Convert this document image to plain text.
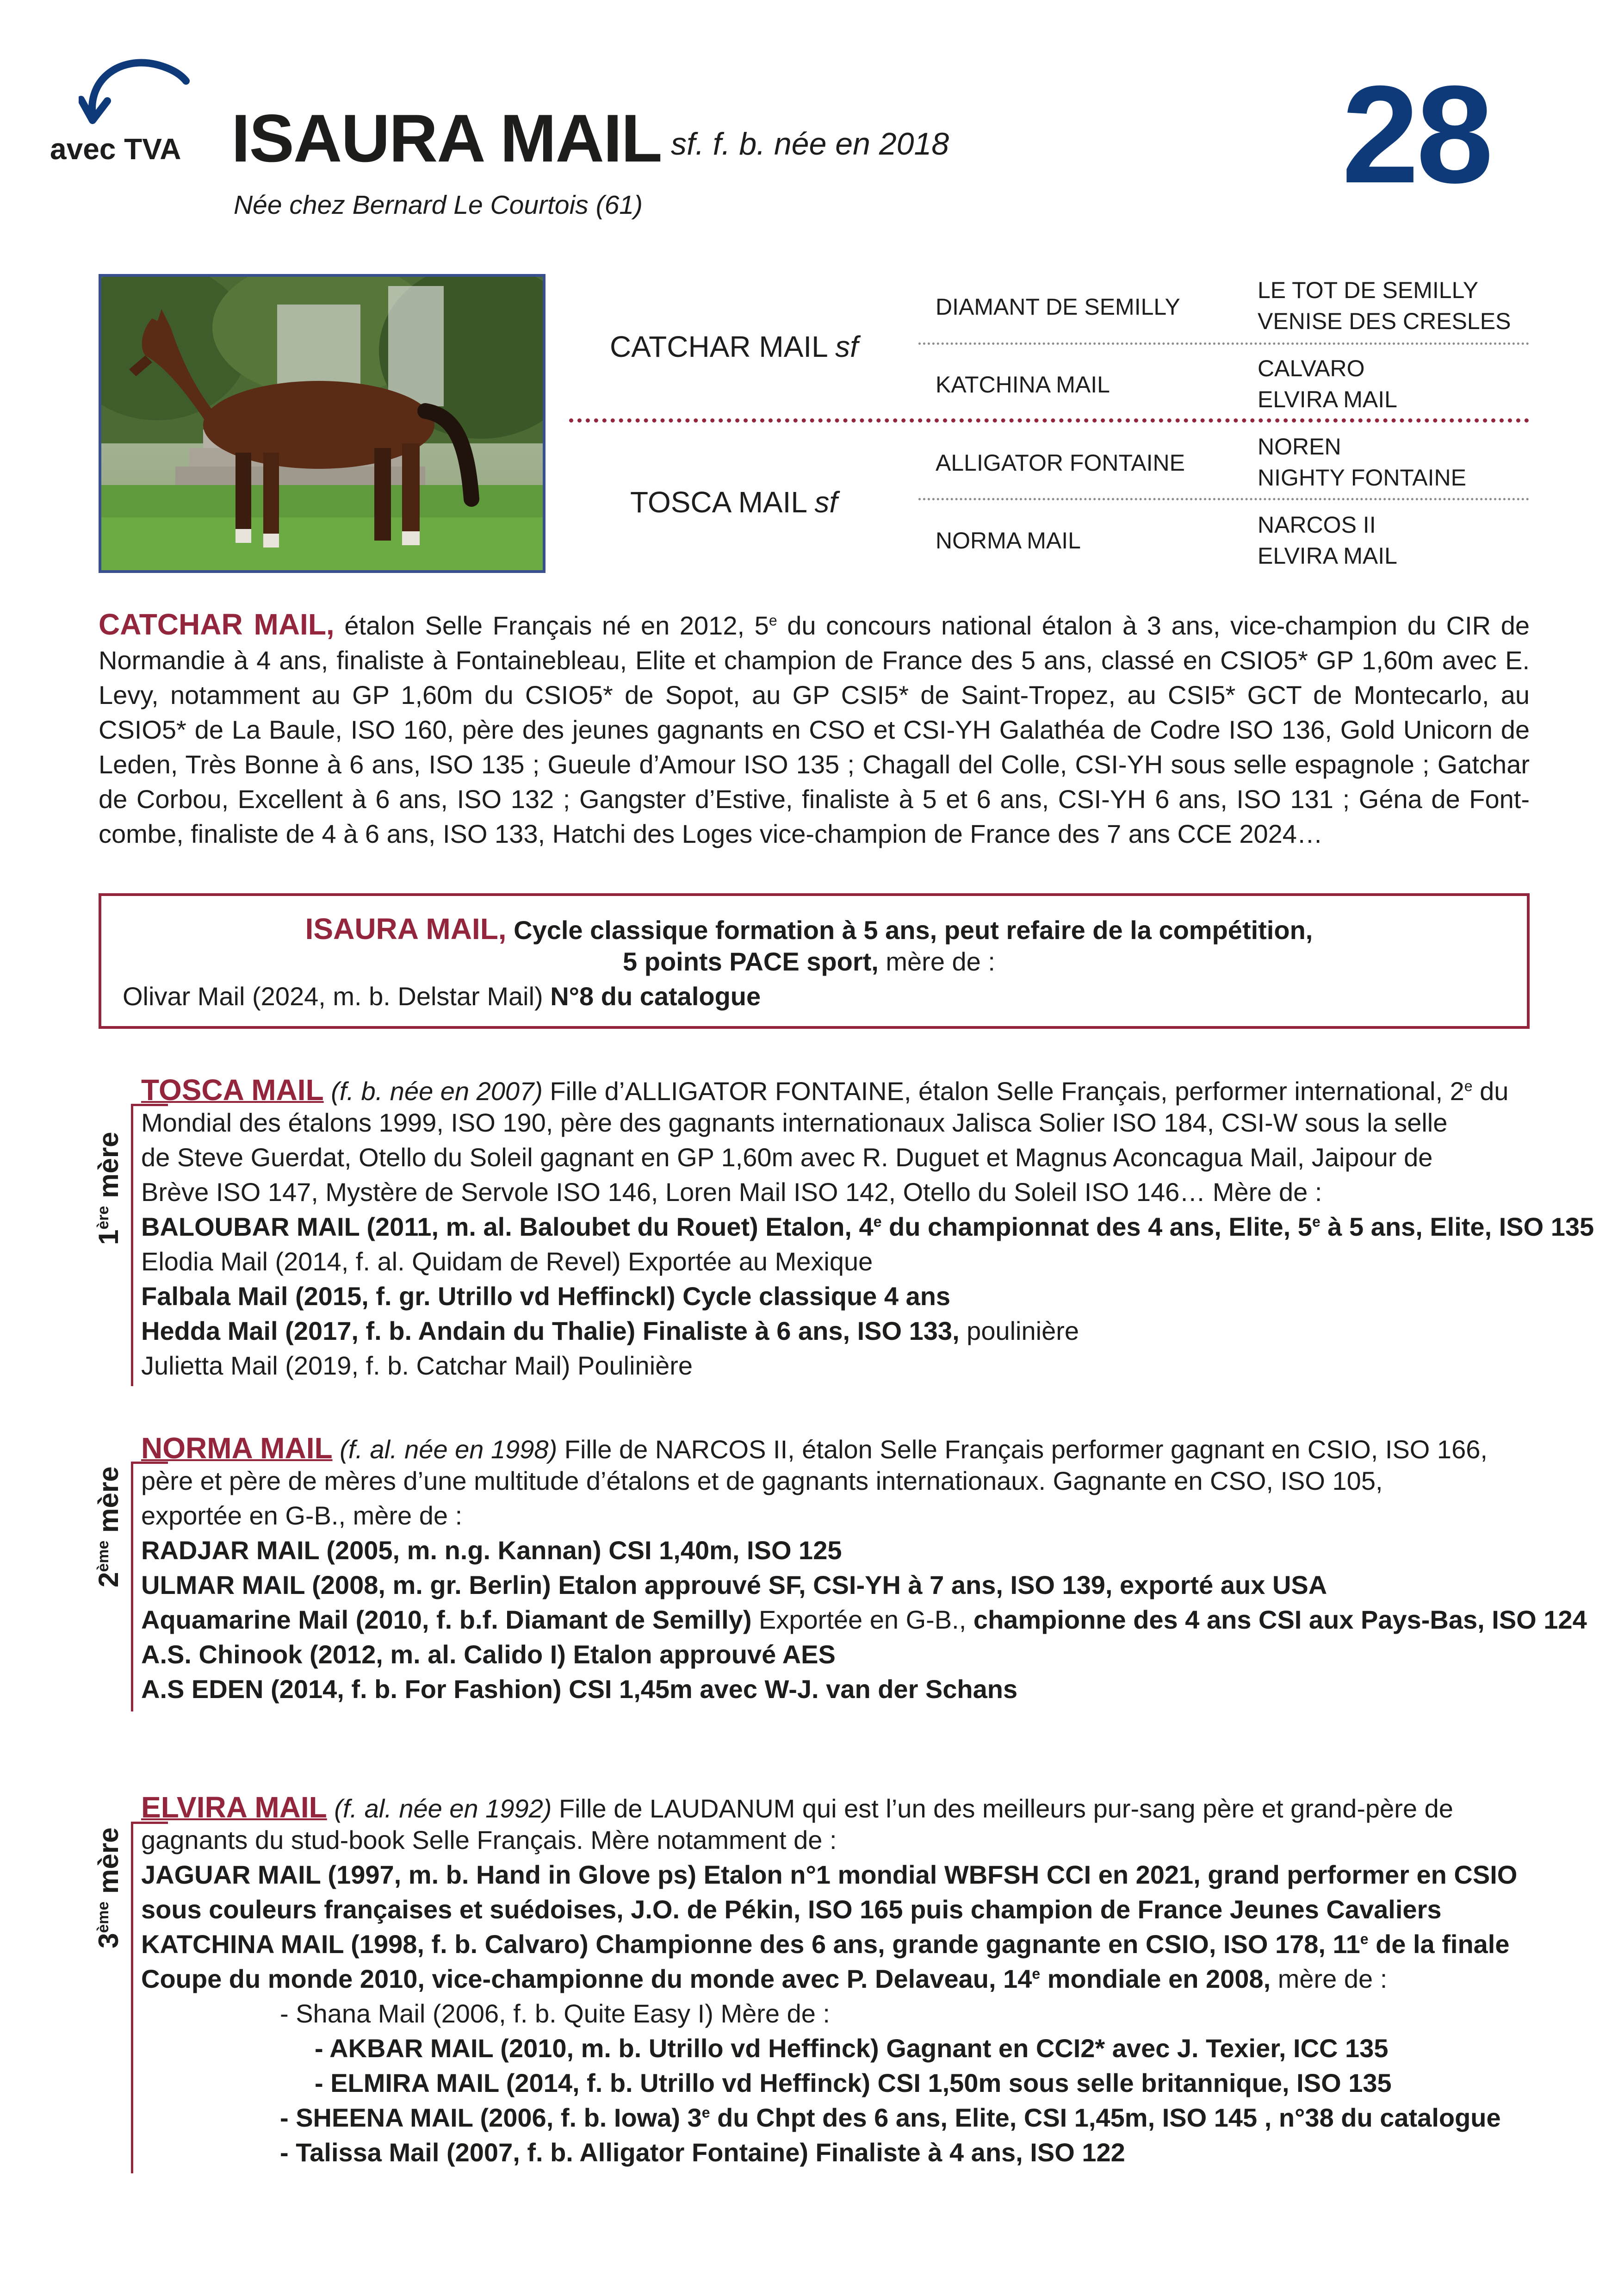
avec TVA ISAURA MAIL sf. f. b. née en 2018
Née chez Bernard Le Courtois (61)	28
CATCHAR MAIL sf
TOSCA MAIL sf
DIAMANT DE SEMILLY
KATCHINA MAIL
ALLIGATOR FONTAINE
NORMA MAIL
LE TOT DE SEMILLY
VENISE DES CRESLES
CALVARO
ELVIRA MAIL
NOREN
NIGHTY FONTAINE
NARCOS II
ELVIRA MAIL
CATCHAR MAIL, étalon Selle Français né en 2012, 5e du concours national étalon à 3 ans, vice-champion du CIR de Normandie à 4 ans, finaliste à Fontainebleau, Elite et champion de France des 5 ans, classé en CSIO5* GP 1,60m avec E. Levy, notamment au GP 1,60m du CSIO5* de Sopot, au GP CSI5* de Saint-Tropez, au CSI5* GCT de Montecarlo, au CSIO5* de La Baule, ISO 160, père des jeunes gagnants en CSO et CSI-YH Galathéa de Codre ISO 136, Gold Unicorn de Leden, Très Bonne à 6 ans, ISO 135 ; Gueule d’Amour ISO 135 ; Chagall del Colle, CSI-YH sous selle espagnole ; Gatchar de Corbou, Excellent à 6 ans, ISO 132 ; Gangster d’Estive, finaliste à 5 et 6 ans, CSI-YH 6 ans, ISO 131 ; Géna de Font-combe, finaliste de 4 à 6 ans, ISO 133, Hatchi des Loges vice-champion de France des 7 ans CCE 2024…
ISAURA MAIL, Cycle classique formation à 5 ans, peut refaire de la compétition,
5 points PACE sport, mère de :
Olivar Mail (2024, m. b. Delstar Mail) N°8 du catalogue
1ère mère
TOSCA MAIL (f. b. née en 2007) Fille d’ALLIGATOR FONTAINE, étalon Selle Français, performer international, 2e du
Mondial des étalons 1999, ISO 190, père des gagnants internationaux Jalisca Solier ISO 184, CSI-W sous la selle
de Steve Guerdat, Otello du Soleil gagnant en GP 1,60m avec R. Duguet et Magnus Aconcagua Mail, Jaipour de
Brève ISO 147, Mystère de Servole ISO 146, Loren Mail ISO 142, Otello du Soleil ISO 146… Mère de :
BALOUBAR MAIL (2011, m. al. Baloubet du Rouet) Etalon, 4e du championnat des 4 ans, Elite, 5e à 5 ans, Elite, ISO 135
Elodia Mail (2014, f. al. Quidam de Revel) Exportée au Mexique
Falbala Mail (2015, f. gr. Utrillo vd Heffinckl) Cycle classique 4 ans
Hedda Mail (2017, f. b. Andain du Thalie) Finaliste à 6 ans, ISO 133, poulinière
Julietta Mail (2019, f. b. Catchar Mail) Poulinière
2ème mère
NORMA MAIL (f. al. née en 1998) Fille de NARCOS II, étalon Selle Français performer gagnant en CSIO, ISO 166,
père et père de mères d’une multitude d’étalons et de gagnants internationaux. Gagnante en CSO, ISO 105,
exportée en G-B., mère de :
RADJAR MAIL (2005, m. n.g. Kannan) CSI 1,40m, ISO 125
ULMAR MAIL (2008, m. gr. Berlin) Etalon approuvé SF, CSI-YH à 7 ans, ISO 139, exporté aux USA
Aquamarine Mail (2010, f. b.f. Diamant de Semilly) Exportée en G-B., championne des 4 ans CSI aux Pays-Bas, ISO 124
A.S. Chinook (2012, m. al. Calido I) Etalon approuvé AES
A.S EDEN (2014, f. b. For Fashion) CSI 1,45m avec W-J. van der Schans
3ème mère
ELVIRA MAIL (f. al. née en 1992) Fille de LAUDANUM qui est l’un des meilleurs pur-sang père et grand-père de
gagnants du stud-book Selle Français. Mère notamment de :
JAGUAR MAIL (1997, m. b. Hand in Glove ps) Etalon n°1 mondial WBFSH CCI en 2021, grand performer en CSIO
sous couleurs françaises et suédoises, J.O. de Pékin, ISO 165 puis champion de France Jeunes Cavaliers
KATCHINA MAIL (1998, f. b. Calvaro) Championne des 6 ans, grande gagnante en CSIO, ISO 178, 11e de la finale
Coupe du monde 2010, vice-championne du monde avec P. Delaveau, 14e mondiale en 2008, mère de :
- Shana Mail (2006, f. b. Quite Easy I) Mère de :
- AKBAR MAIL (2010, m. b. Utrillo vd Heffinck) Gagnant en CCI2* avec J. Texier, ICC 135
- ELMIRA MAIL (2014, f. b. Utrillo vd Heffinck) CSI 1,50m sous selle britannique, ISO 135
- SHEENA MAIL (2006, f. b. Iowa) 3e du Chpt des 6 ans, Elite, CSI 1,45m, ISO 145 , n°38 du catalogue
- Talissa Mail (2007, f. b. Alligator Fontaine) Finaliste à 4 ans, ISO 122
